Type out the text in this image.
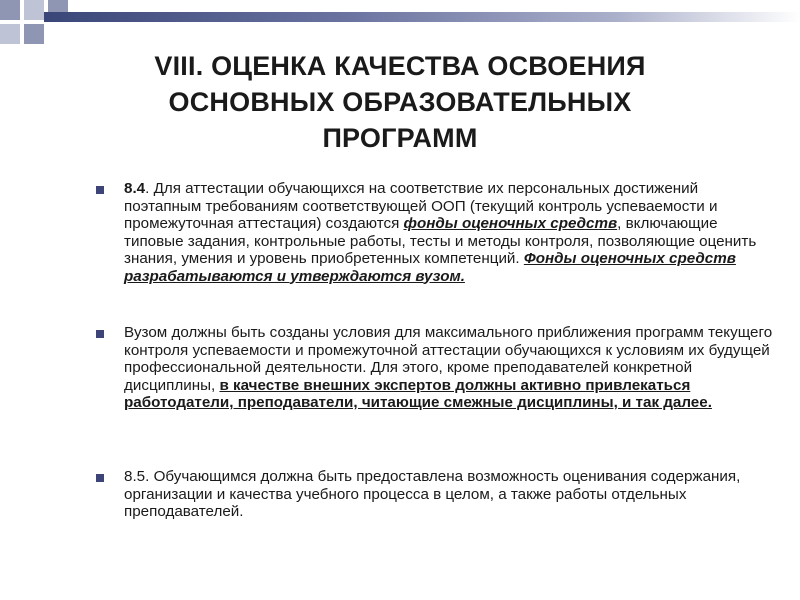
VIII. ОЦЕНКА КАЧЕСТВА ОСВОЕНИЯ
ОСНОВНЫХ ОБРАЗОВАТЕЛЬНЫХ
ПРОГРАММ
8.4. Для аттестации обучающихся на соответствие их персональных достижений поэтапным требованиям соответствующей ООП (текущий контроль успеваемости и промежуточная аттестация) создаются фонды оценочных средств, включающие типовые задания, контрольные работы, тесты и методы контроля, позволяющие оценить знания, умения и уровень приобретенных компетенций. Фонды оценочных средств разрабатываются и утверждаются вузом.
Вузом должны быть созданы условия для максимального приближения программ текущего контроля успеваемости и промежуточной аттестации обучающихся к условиям их будущей профессиональной деятельности. Для этого, кроме преподавателей конкретной дисциплины, в качестве внешних экспертов должны активно привлекаться работодатели, преподаватели, читающие смежные дисциплины, и так далее.
8.5. Обучающимся должна быть предоставлена возможность оценивания содержания, организации и качества учебного процесса в целом, а также работы отдельных преподавателей.
